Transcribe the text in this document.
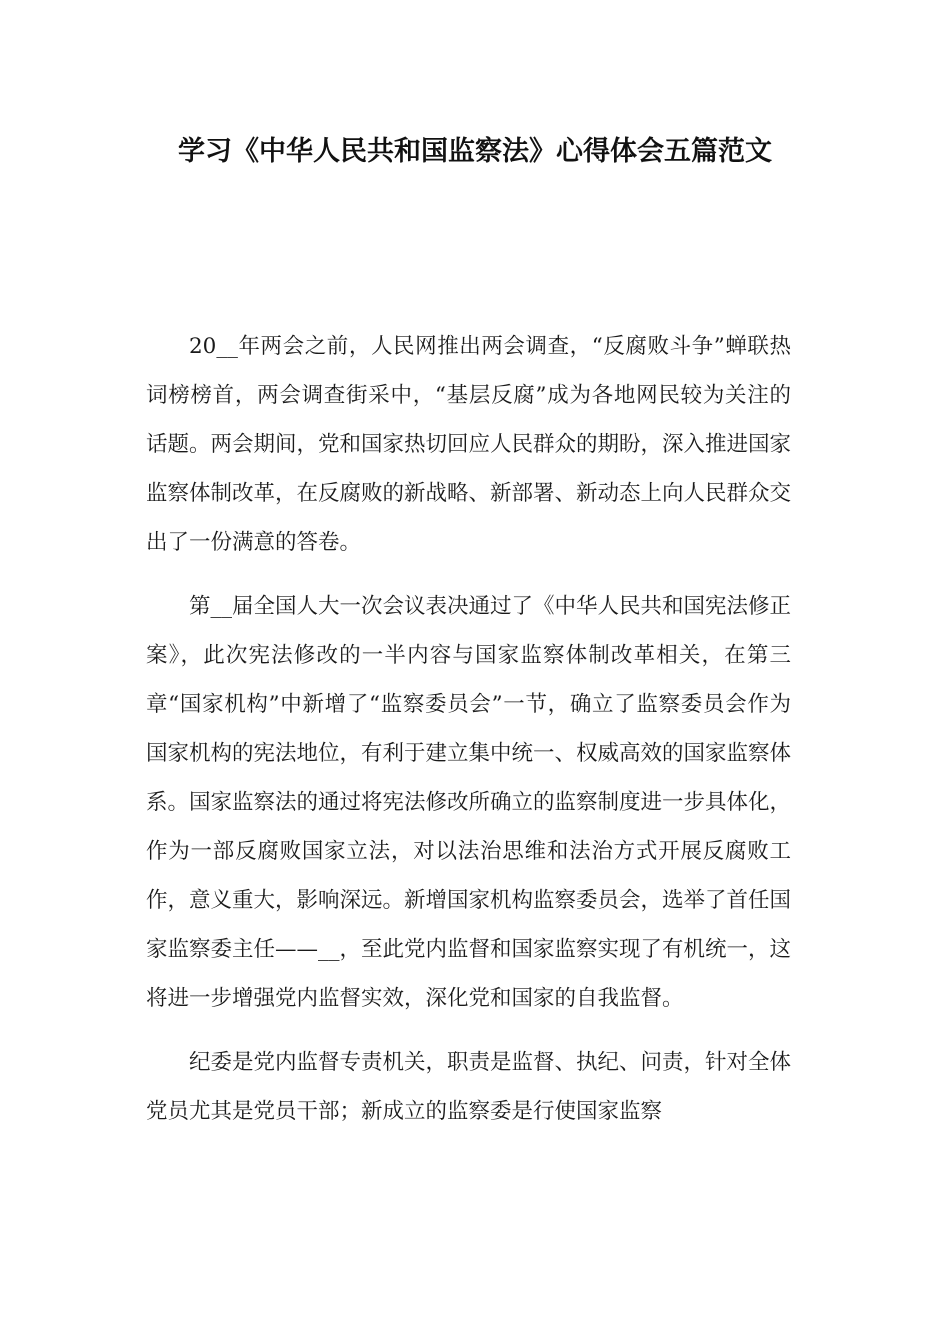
学习《中华人民共和国监察法》心得体会五篇范文

20__年两会之前，人民网推出两会调查，“反腐败斗争”蝉联热词榜榜首，两会调查街采中，“基层反腐”成为各地网民较为关注的话题。两会期间，党和国家热切回应人民群众的期盼，深入推进国家监察体制改革，在反腐败的新战略、新部署、新动态上向人民群众交出了一份满意的答卷。

第__届全国人大一次会议表决通过了《中华人民共和国宪法修正案》，此次宪法修改的一半内容与国家监察体制改革相关，在第三章“国家机构”中新增了“监察委员会”一节，确立了监察委员会作为国家机构的宪法地位，有利于建立集中统一、权威高效的国家监察体系。国家监察法的通过将宪法修改所确立的监察制度进一步具体化，作为一部反腐败国家立法，对以法治思维和法治方式开展反腐败工作，意义重大，影响深远。新增国家机构监察委员会，选举了首任国家监察委主任——__，至此党内监督和国家监察实现了有机统一，这将进一步增强党内监督实效，深化党和国家的自我监督。

纪委是党内监督专责机关，职责是监督、执纪、问责，针对全体党员尤其是党员干部；新成立的监察委是行使国家监察
